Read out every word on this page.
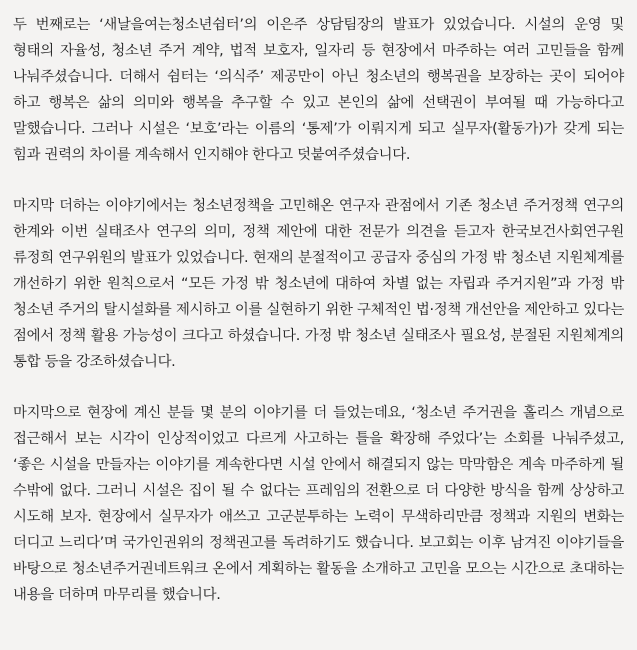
두 번째로는 ‘새날을여는청소년쉼터’의 이은주 상담팀장의 발표가 있었습니다. 시설의 운영 및 형태의 자율성, 청소년 주거 계약, 법적 보호자, 일자리 등 현장에서 마주하는 여러 고민들을 함께 나눠주셨습니다. 더해서 쉼터는 ‘의식주’ 제공만이 아닌 청소년의 행복권을 보장하는 곳이 되어야 하고 행복은 삶의 의미와 행복을 추구할 수 있고 본인의 삶에 선택권이 부여될 때 가능하다고 말했습니다. 그러나 시설은 ‘보호’라는 이름의 ‘통제’가 이뤄지게 되고 실무자(활동가)가 갖게 되는 힘과 권력의 차이를 계속해서 인지해야 한다고 덧붙여주셨습니다.

마지막 더하는 이야기에서는 청소년정책을 고민해온 연구자 관점에서 기존 청소년 주거정책 연구의 한계와 이번 실태조사 연구의 의미, 정책 제안에 대한 전문가 의견을 듣고자 한국보건사회연구원 류정희 연구위원의 발표가 있었습니다. 현재의 분절적이고 공급자 중심의 가정 밖 청소년 지원체계를 개선하기 위한 원칙으로서 “모든 가정 밖 청소년에 대하여 차별 없는 자립과 주거지원”과 가정 밖 청소년 주거의 탈시설화를 제시하고 이를 실현하기 위한 구체적인 법·정책 개선안을 제안하고 있다는 점에서 정책 활용 가능성이 크다고 하셨습니다. 가정 밖 청소년 실태조사 필요성, 분절된 지원체계의 통합 등을 강조하셨습니다.

마지막으로 현장에 계신 분들 몇 분의 이야기를 더 들었는데요, ‘청소년 주거권을 홀리스 개념으로 접근해서 보는 시각이 인상적이었고 다르게 사고하는 틀을 확장해 주었다’는 소회를 나눠주셨고, ‘좋은 시설을 만들자는 이야기를 계속한다면 시설 안에서 해결되지 않는 막막함은 계속 마주하게 될 수밖에 없다. 그러니 시설은 집이 될 수 없다는 프레임의 전환으로 더 다양한 방식을 함께 상상하고 시도해 보자. 현장에서 실무자가 애쓰고 고군분투하는 노력이 무색하리만큼 정책과 지원의 변화는 더디고 느리다’며 국가인권위의 정책권고를 독려하기도 했습니다. 보고회는 이후 남겨진 이야기들을 바탕으로 청소년주거권네트워크 온에서 계획하는 활동을 소개하고 고민을 모으는 시간으로 초대하는 내용을 더하며 마무리를 했습니다.
